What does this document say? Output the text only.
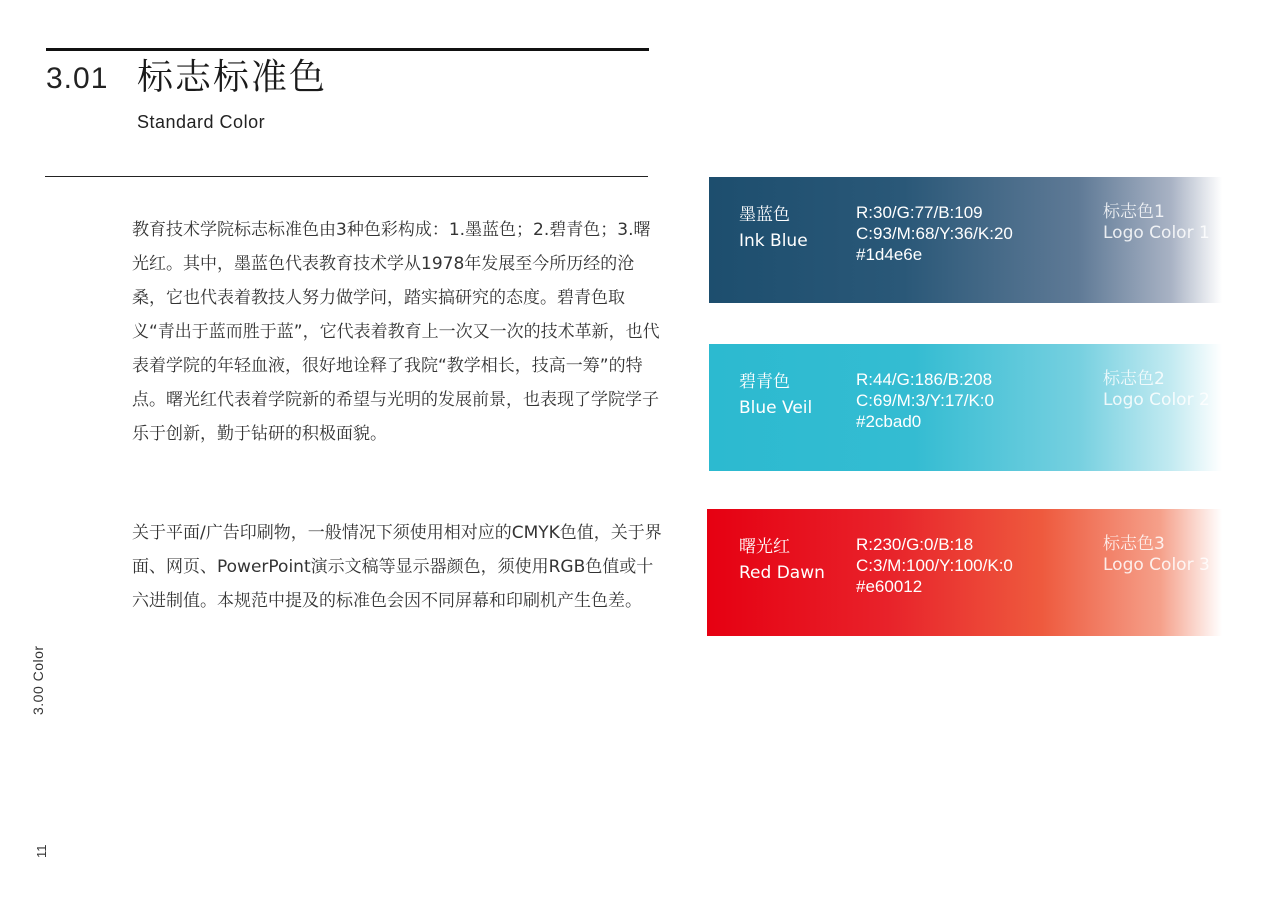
3.01 标志标准色
Standard Color

教育技术学院标志标准色由3种色彩构成：1.墨蓝色；2.碧青色；3.曙光红。其中，墨蓝色代表教育技术学从1978年发展至今所历经的沧桑，它也代表着教技人努力做学问，踏实搞研究的态度。碧青色取义“青出于蓝而胜于蓝”，它代表着教育上一次又一次的技术革新，也代表着学院的年轻血液，很好地诠释了我院“教学相长，技高一筹”的特点。曙光红代表着学院新的希望与光明的发展前景，也表现了学院学子乐于创新，勤于钻研的积极面貌。

关于平面/广告印刷物，一般情况下须使用相对应的CMYK色值，关于界面、网页、PowerPoint演示文稿等显示器颜色，须使用RGB色值或十六进制值。本规范中提及的标准色会因不同屏幕和印刷机产生色差。

3.00 Color
11
墨蓝色
Ink Blue
R:30/G:77/B:109
C:93/M:68/Y:36/K:20
#1d4e6e
标志色1
Logo Color 1
碧青色
Blue Veil
R:44/G:186/B:208
C:69/M:3/Y:17/K:0
#2cbad0
标志色2
Logo Color 2
曙光红
Red Dawn
R:230/G:0/B:18
C:3/M:100/Y:100/K:0
#e60012
标志色3
Logo Color 3
